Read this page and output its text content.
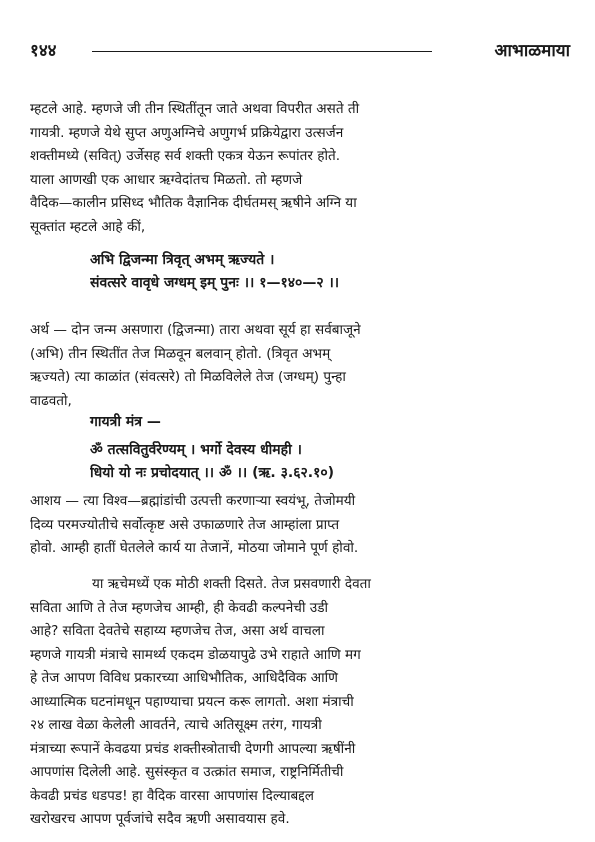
१४४	आभाळमाया
म्हटले आहे. म्हणजे जी तीन स्थितींतून जाते अथवा विपरीत असते ती
गायत्री. म्हणजे येथे सुप्त अणुअग्निचे अणुगर्भ प्रक्रियेद्वारा उत्सर्जन
शक्तीमध्ये (सवित्) उर्जेसह सर्व शक्ती एकत्र येऊन रूपांतर होते.
याला आणखी एक आधार ऋग्वेदांतच मिळतो. तो म्हणजे
वैदिक—कालीन प्रसिध्द भौतिक वैज्ञानिक दीर्घतमस् ऋषीने अग्नि या
सूक्तांत म्हटले आहे कीं,
अभि द्विजन्मा त्रिवृत् अभम् ऋज्यते ।
संवत्सरे वावृधे जग्धम् इम् पुनः ।। १—१४०—२ ।।
अर्थ — दोन जन्म असणारा (द्विजन्मा) तारा अथवा सूर्य हा सर्वबाजूने
(अभि) तीन स्थितींत तेज मिळवून बलवान् होतो. (त्रिवृत अभम्
ऋज्यते) त्या काळांत (संवत्सरे) तो मिळविलेले तेज (जग्धम्) पुन्हा
वाढवतो,
गायत्री मंत्र —
ॐ तत्सवितुर्वरेण्यम् । भर्गो देवस्य धीमही ।
धियो यो नः प्रचोदयात् ।। ॐ ।। (ऋ. ३.६२.१०)
आशय — त्या विश्व—ब्रह्मांडांची उत्पत्ती करणाऱ्या स्वयंभू, तेजोमयी
दिव्य परमज्योतीचे सर्वोत्कृष्ट असे उफाळणारे तेज आम्हांला प्राप्त
होवो. आम्ही हातीं घेतलेले कार्य या तेजानें, मोठया जोमाने पूर्ण होवो.
या ऋचेमध्यें एक मोठी शक्ती दिसते. तेज प्रसवणारी देवता
सविता आणि ते तेज म्हणजेच आम्ही, ही केवढी कल्पनेची उडी
आहे? सविता देवतेचे सहाय्य म्हणजेच तेज, असा अर्थ वाचला
म्हणजे गायत्री मंत्राचे सामर्थ्य एकदम डोळयापुढे उभे राहाते आणि मग
हे तेज आपण विविध प्रकारच्या आधिभौतिक, आधिदैविक आणि
आध्यात्मिक घटनांमधून पहाण्याचा प्रयत्न करू लागतो. अशा मंत्राची
२४ लाख वेळा केलेली आवर्तने, त्याचे अतिसूक्ष्म तरंग, गायत्री
मंत्राच्या रूपानें केवढया प्रचंड शक्तीस्त्रोताची देणगी आपल्या ऋषींनी
आपणांस दिलेली आहे. सुसंस्कृत व उत्क्रांत समाज, राष्ट्रनिर्मितीची
केवढी प्रचंड धडपड! हा वैदिक वारसा आपणांस दिल्याबद्दल
खरोखरच आपण पूर्वजांचे सदैव ऋणी असावयास हवे.
